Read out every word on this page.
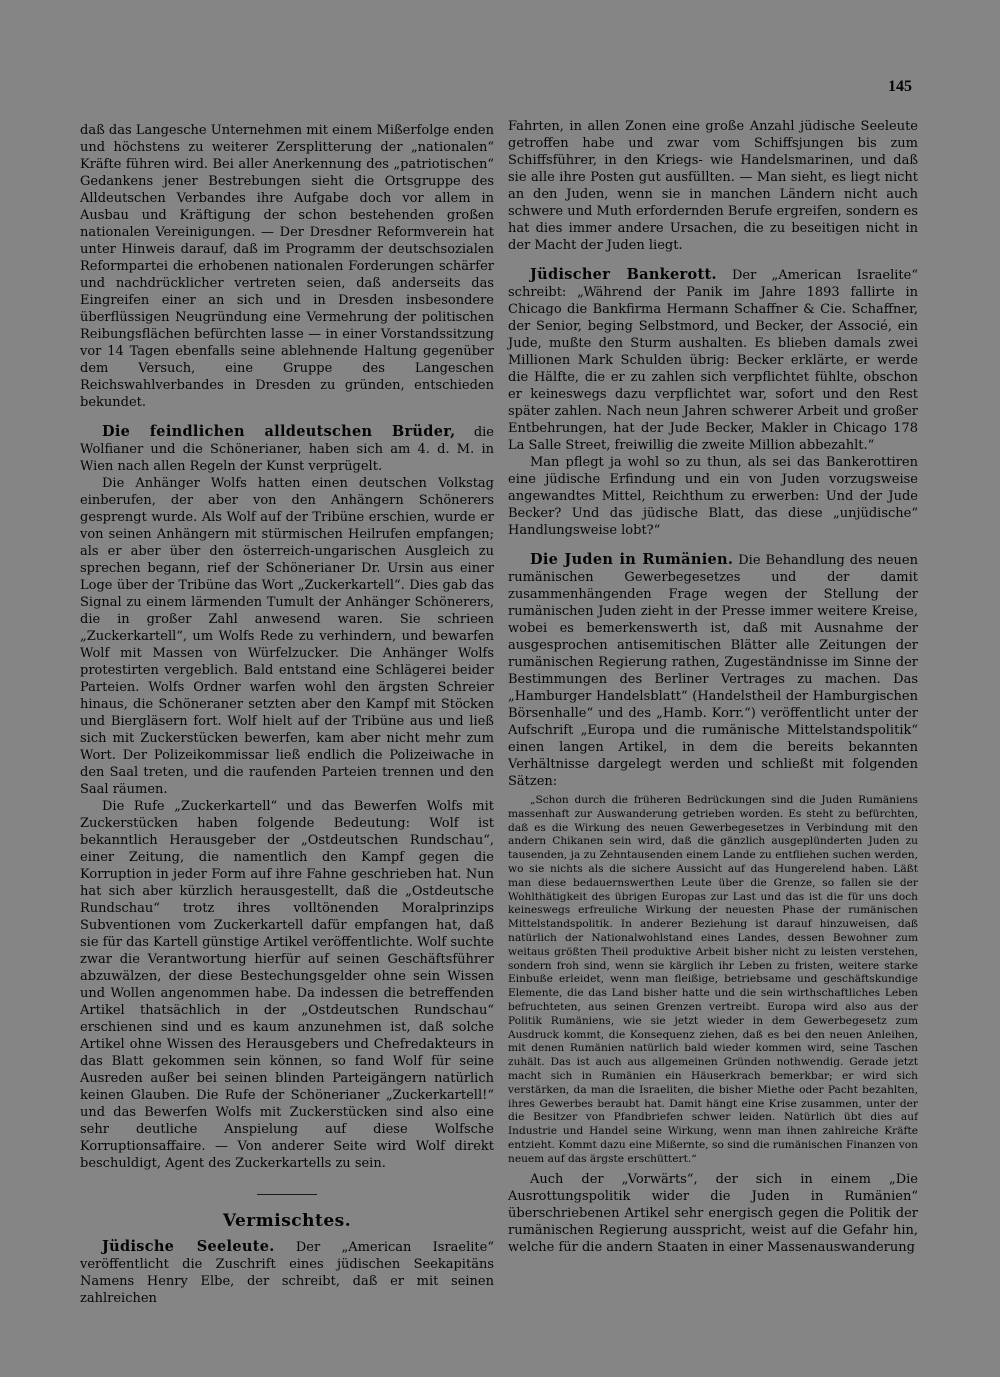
145

daß das Langesche Unternehmen mit einem Mißerfolge enden und höchstens zu weiterer Zersplitterung der „nationalen“ Kräfte führen wird. Bei aller Anerkennung des „patriotischen“ Gedankens jener Bestrebungen sieht die Ortsgruppe des Alldeutschen Verbandes ihre Aufgabe doch vor allem in Ausbau und Kräftigung der schon bestehenden großen nationalen Vereinigungen. — Der Dresdner Reformverein hat unter Hinweis darauf, daß im Programm der deutschsozialen Reformpartei die erhobenen nationalen Forderungen schärfer und nachdrücklicher vertreten seien, daß anderseits das Eingreifen einer an sich und in Dresden insbesondere überflüssigen Neugründung eine Vermehrung der politischen Reibungsflächen befürchten lasse — in einer Vorstandssitzung vor 14 Tagen ebenfalls seine ablehnende Haltung gegenüber dem Versuch, eine Gruppe des Langeschen Reichswahlverbandes in Dresden zu gründen, entschieden bekundet.

Die feindlichen alldeutschen Brüder, die Wolfianer und die Schönerianer, haben sich am 4. d. M. in Wien nach allen Regeln der Kunst verprügelt.

Die Anhänger Wolfs hatten einen deutschen Volkstag einberufen, der aber von den Anhängern Schönerers gesprengt wurde. Als Wolf auf der Tribüne erschien, wurde er von seinen Anhängern mit stürmischen Heilrufen empfangen; als er aber über den österreich-ungarischen Ausgleich zu sprechen begann, rief der Schönerianer Dr. Ursin aus einer Loge über der Tribüne das Wort „Zuckerkartell“. Dies gab das Signal zu einem lärmenden Tumult der Anhänger Schönerers, die in großer Zahl anwesend waren. Sie schrieen „Zuckerkartell“, um Wolfs Rede zu verhindern, und bewarfen Wolf mit Massen von Würfelzucker. Die Anhänger Wolfs protestirten vergeblich. Bald entstand eine Schlägerei beider Parteien. Wolfs Ordner warfen wohl den ärgsten Schreier hinaus, die Schöneraner setzten aber den Kampf mit Stöcken und Biergläsern fort. Wolf hielt auf der Tribüne aus und ließ sich mit Zuckerstücken bewerfen, kam aber nicht mehr zum Wort. Der Polizeikommissar ließ endlich die Polizeiwache in den Saal treten, und die raufenden Parteien trennen und den Saal räumen.

Die Rufe „Zuckerkartell“ und das Bewerfen Wolfs mit Zuckerstücken haben folgende Bedeutung: Wolf ist bekanntlich Herausgeber der „Ostdeutschen Rundschau“, einer Zeitung, die namentlich den Kampf gegen die Korruption in jeder Form auf ihre Fahne geschrieben hat. Nun hat sich aber kürzlich herausgestellt, daß die „Ostdeutsche Rundschau“ trotz ihres volltönenden Moralprinzips Subventionen vom Zuckerkartell dafür empfangen hat, daß sie für das Kartell günstige Artikel veröffentlichte. Wolf suchte zwar die Verantwortung hierfür auf seinen Geschäftsführer abzuwälzen, der diese Bestechungsgelder ohne sein Wissen und Wollen angenommen habe. Da indessen die betreffenden Artikel thatsächlich in der „Ostdeutschen Rundschau“ erschienen sind und es kaum anzunehmen ist, daß solche Artikel ohne Wissen des Herausgebers und Chefredakteurs in das Blatt gekommen sein können, so fand Wolf für seine Ausreden außer bei seinen blinden Parteigängern natürlich keinen Glauben. Die Rufe der Schönerianer „Zuckerkartell!“ und das Bewerfen Wolfs mit Zuckerstücken sind also eine sehr deutliche Anspielung auf diese Wolfsche Korruptionsaffaire. — Von anderer Seite wird Wolf direkt beschuldigt, Agent des Zuckerkartells zu sein.

Vermischtes.

Jüdische Seeleute. Der „American Israelite“ veröffentlicht die Zuschrift eines jüdischen Seekapitäns Namens Henry Elbe, der schreibt, daß er mit seinen zahlreichen

Fahrten, in allen Zonen eine große Anzahl jüdische Seeleute getroffen habe und zwar vom Schiffsjungen bis zum Schiffsführer, in den Kriegs- wie Handelsmarinen, und daß sie alle ihre Posten gut ausfüllten. — Man sieht, es liegt nicht an den Juden, wenn sie in manchen Ländern nicht auch schwere und Muth erfordernden Berufe ergreifen, sondern es hat dies immer andere Ursachen, die zu beseitigen nicht in der Macht der Juden liegt.

Jüdischer Bankerott. Der „American Israelite“ schreibt: „Während der Panik im Jahre 1893 fallirte in Chicago die Bankfirma Hermann Schaffner & Cie. Schaffner, der Senior, beging Selbstmord, und Becker, der Associé, ein Jude, mußte den Sturm aushalten. Es blieben damals zwei Millionen Mark Schulden übrig: Becker erklärte, er werde die Hälfte, die er zu zahlen sich verpflichtet fühlte, obschon er keineswegs dazu verpflichtet war, sofort und den Rest später zahlen. Nach neun Jahren schwerer Arbeit und großer Entbehrungen, hat der Jude Becker, Makler in Chicago 178 La Salle Street, freiwillig die zweite Million abbezahlt.“

Man pflegt ja wohl so zu thun, als sei das Bankerottiren eine jüdische Erfindung und ein von Juden vorzugsweise angewandtes Mittel, Reichthum zu erwerben: Und der Jude Becker? Und das jüdische Blatt, das diese „unjüdische“ Handlungsweise lobt?“

Die Juden in Rumänien. Die Behandlung des neuen rumänischen Gewerbegesetzes und der damit zusammenhängenden Frage wegen der Stellung der rumänischen Juden zieht in der Presse immer weitere Kreise, wobei es bemerkenswerth ist, daß mit Ausnahme der ausgesprochen antisemitischen Blätter alle Zeitungen der rumänischen Regierung rathen, Zugeständnisse im Sinne der Bestimmungen des Berliner Vertrages zu machen. Das „Hamburger Handelsblatt“ (Handelstheil der Hamburgischen Börsenhalle“ und des „Hamb. Korr.“) veröffentlicht unter der Aufschrift „Europa und die rumänische Mittelstandspolitik“ einen langen Artikel, in dem die bereits bekannten Verhältnisse dargelegt werden und schließt mit folgenden Sätzen:

„Schon durch die früheren Bedrückungen sind die Juden Rumäniens massenhaft zur Auswanderung getrieben worden. Es steht zu befürchten, daß es die Wirkung des neuen Gewerbegesetzes in Verbindung mit den andern Chikanen sein wird, daß die gänzlich ausgeplünderten Juden zu tausenden, ja zu Zehntausenden einem Lande zu entfliehen suchen werden, wo sie nichts als die sichere Aussicht auf das Hungerelend haben. Läßt man diese bedauernswerthen Leute über die Grenze, so fallen sie der Wohlthätigkeit des übrigen Europas zur Last und das ist die für uns doch keineswegs erfreuliche Wirkung der neuesten Phase der rumänischen Mittelstandspolitik. In anderer Beziehung ist darauf hinzuweisen, daß natürlich der Nationalwohlstand eines Landes, dessen Bewohner zum weitaus größten Theil produktive Arbeit bisher nicht zu leisten verstehen, sondern froh sind, wenn sie kärglich ihr Leben zu fristen, weitere starke Einbuße erleidet, wenn man fleißige, betriebsame und geschäftskundige Elemente, die das Land bisher hatte und die sein wirthschaftliches Leben befruchteten, aus seinen Grenzen vertreibt. Europa wird also aus der Politik Rumäniens, wie sie jetzt wieder in dem Gewerbegesetz zum Ausdruck kommt, die Konsequenz ziehen, daß es bei den neuen Anleihen, mit denen Rumänien natürlich bald wieder kommen wird, seine Taschen zuhält. Das ist auch aus allgemeinen Gründen nothwendig. Gerade jetzt macht sich in Rumänien ein Häuserkrach bemerkbar; er wird sich verstärken, da man die Israeliten, die bisher Miethe oder Pacht bezahlten, ihres Gewerbes beraubt hat. Damit hängt eine Krise zusammen, unter der die Besitzer von Pfandbriefen schwer leiden. Natürlich übt dies auf Industrie und Handel seine Wirkung, wenn man ihnen zahlreiche Kräfte entzieht. Kommt dazu eine Mißernte, so sind die rumänischen Finanzen von neuem auf das ärgste erschüttert.“

Auch der „Vorwärts“, der sich in einem „Die Ausrottungspolitik wider die Juden in Rumänien“ überschriebenen Artikel sehr energisch gegen die Politik der rumänischen Regierung ausspricht, weist auf die Gefahr hin, welche für die andern Staaten in einer Massenauswanderung
